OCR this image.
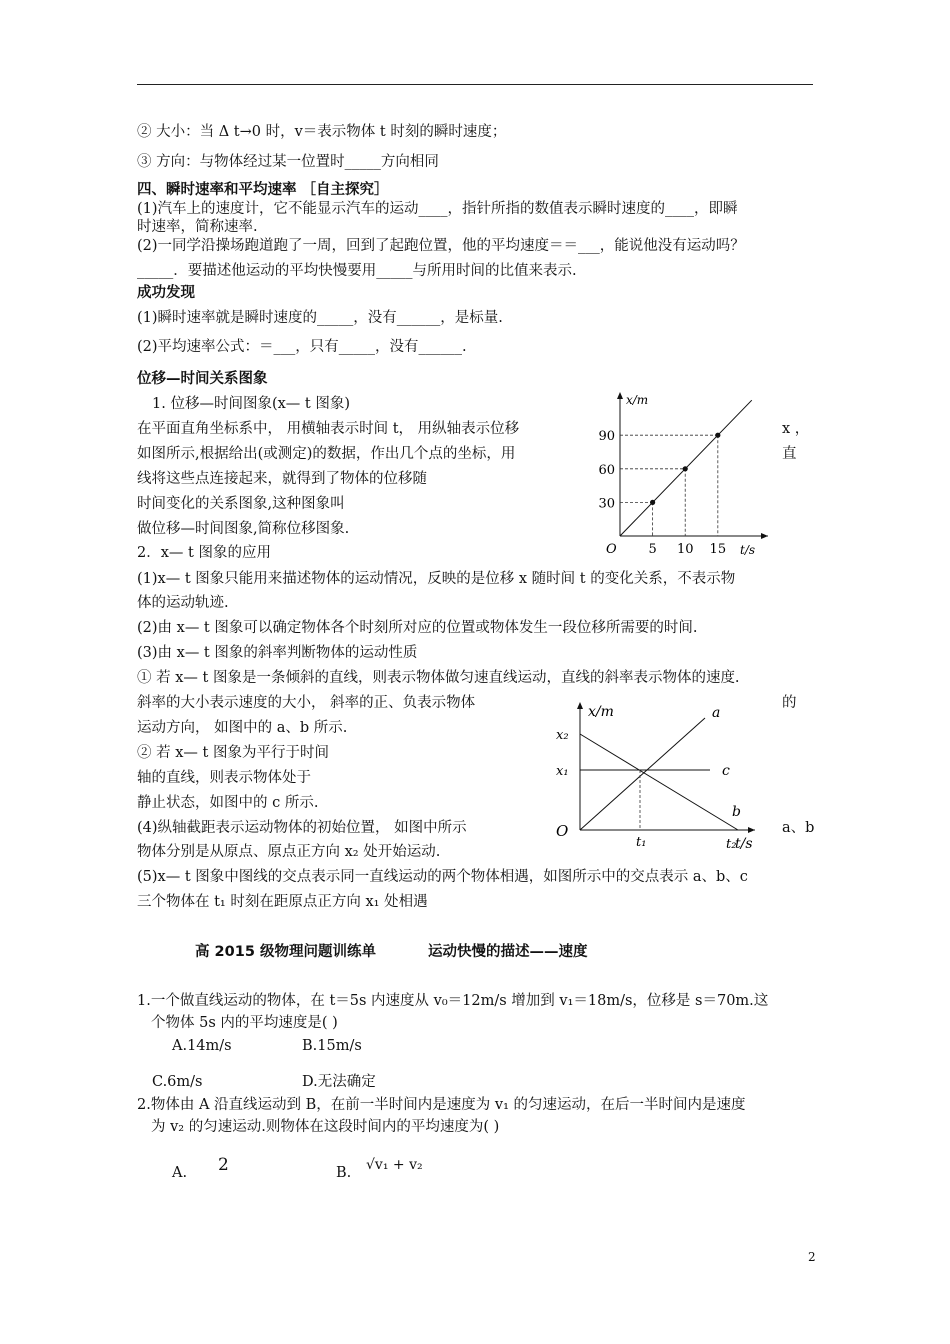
② 大小：当 Δ t→0 时，v＝表示物体 t 时刻的瞬时速度；
③ 方向：与物体经过某一位置时_____方向相同
四、瞬时速率和平均速率 ［自主探究］
(1)汽车上的速度计，它不能显示汽车的运动____，指针所指的数值表示瞬时速度的____，即瞬
时速率，简称速率.
(2)一同学沿操场跑道跑了一周，回到了起跑位置，他的平均速度＝＝___，能说他没有运动吗？
_____．要描述他运动的平均快慢要用_____与所用时间的比值来表示.
成功发现
(1)瞬时速率就是瞬时速度的_____，没有______，是标量.
(2)平均速率公式：＝___，只有_____，没有______.
位移—时间关系图象
1. 位移—时间图象(x— t 图象)
在平面直角坐标系中， 用横轴表示时间 t， 用纵轴表示位移	x ，
如图所示,根据给出(或测定)的数据，作出几个点的坐标，用	直
线将这些点连接起来，就得到了物体的位移随
时间变化的关系图象,这种图象叫
做位移—时间图象,简称位移图象.
2．x— t 图象的应用
(1)x— t 图象只能用来描述物体的运动情况，反映的是位移 x 随时间 t 的变化关系，不表示物
体的运动轨迹.
(2)由 x— t 图象可以确定物体各个时刻所对应的位置或物体发生一段位移所需要的时间.
(3)由 x— t 图象的斜率判断物体的运动性质
① 若 x— t 图象是一条倾斜的直线，则表示物体做匀速直线运动，直线的斜率表示物体的速度.
斜率的大小表示速度的大小， 斜率的正、负表示物体	的
运动方向， 如图中的 a、b 所示.
② 若 x— t 图象为平行于时间
轴的直线，则表示物体处于
静止状态，如图中的 c 所示.
(4)纵轴截距表示运动物体的初始位置， 如图中所示	a、b
物体分别是从原点、原点正方向 x₂ 处开始运动.
(5)x— t 图象中图线的交点表示同一直线运动的两个物体相遇，如图所示中的交点表示 a、b、c
三个物体在 t₁ 时刻在距原点正方向 x₁ 处相遇
高 2015 级物理问题训练单	运动快慢的描述——速度
1.一个做直线运动的物体，在 t＝5s 内速度从 v₀＝12m/s 增加到 v₁＝18m/s，位移是 s＝70m.这
个物体 5s 内的平均速度是( )
A.14m/s	B.15m/s
C.6m/s	D.无法确定
2.物体由 A 沿直线运动到 B，在前一半时间内是速度为 v₁ 的匀速运动，在后一半时间内是速度
为 v₂ 的匀速运动.则物体在这段时间内的平均速度为( )
A. 2	B. √v₁ + v₂
2
x/m
t/s
O 5
30
10
60
15
90
x/m
t/s
O
x₂
x₁
t₁	t₂
a
b
c
